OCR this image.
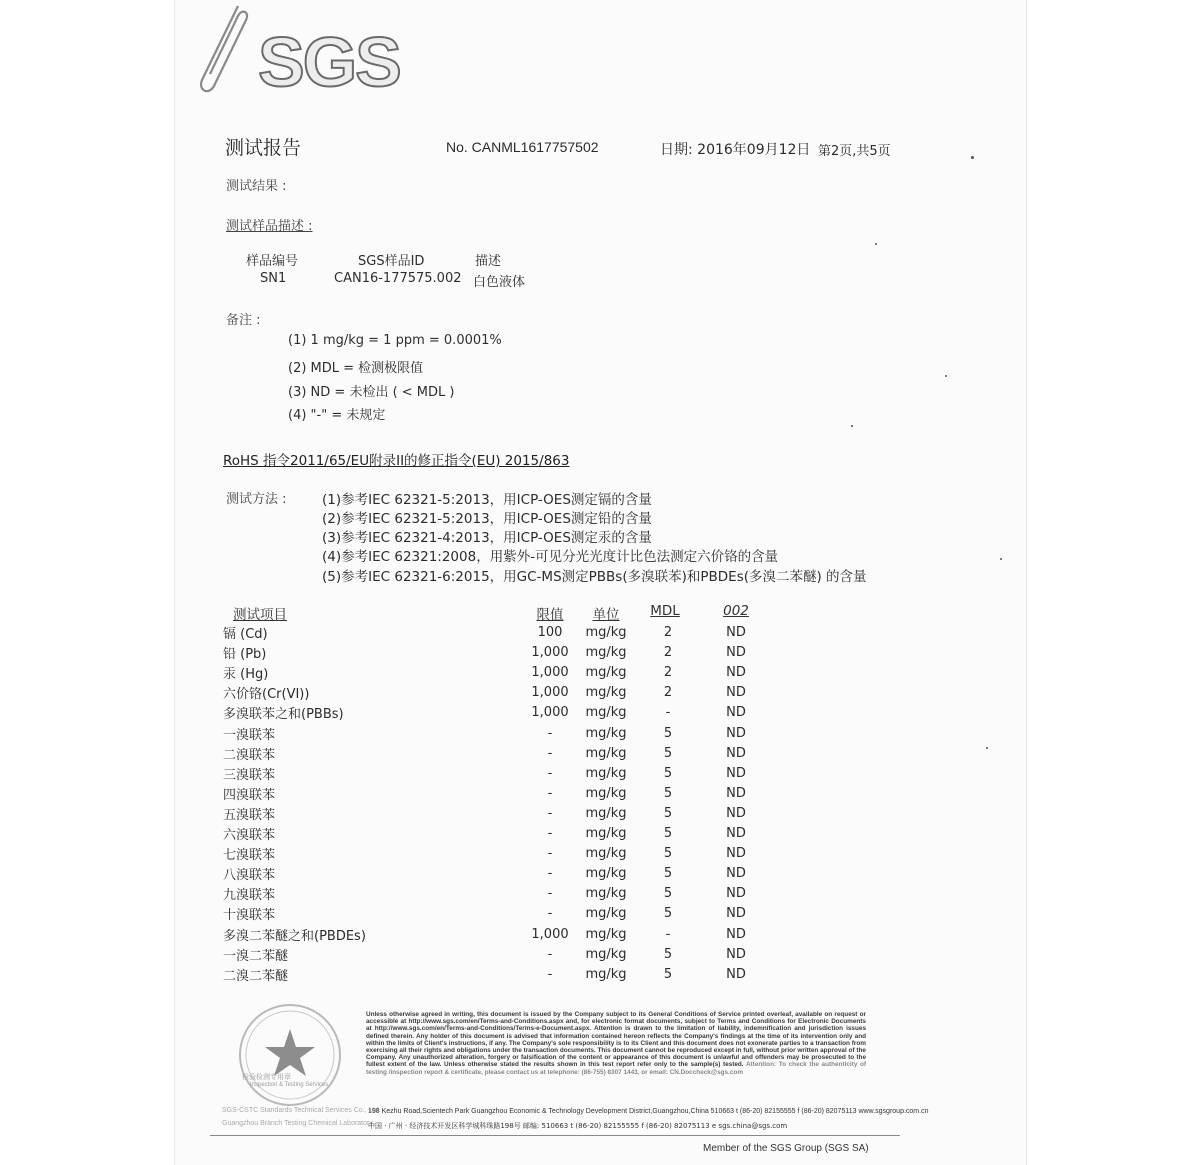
SGS
测试报告	No. CANML1617757502	日期: 2016年09月12日 第2页,共5页
测试结果 :
测试样品描述 :
样品编号	SGS样品ID	描述
SN1	CAN16-177575.002 白色液体
备注 :
(1) 1 mg/kg = 1 ppm = 0.0001%
(2) MDL = 检测极限值
(3) ND = 未检出 ( < MDL )
(4) "-" = 未规定
RoHS 指令2011/65/EU附录II的修正指令(EU) 2015/863
测试方法 :	(1)参考IEC 62321-5:2013，用ICP-OES测定镉的含量
(2)参考IEC 62321-5:2013，用ICP-OES测定铅的含量
(3)参考IEC 62321-4:2013，用ICP-OES测定汞的含量
(4)参考IEC 62321:2008，用紫外-可见分光光度计比色法测定六价铬的含量
(5)参考IEC 62321-6:2015，用GC-MS测定PBBs(多溴联苯)和PBDEs(多溴二苯醚) 的含量
测试项目	限值	单位	MDL	002
镉 (Cd)	100	mg/kg	2	ND
铅 (Pb)	1,000	mg/kg	2	ND
汞 (Hg)	1,000	mg/kg	2	ND
六价铬(Cr(VI))	1,000	mg/kg	2	ND
多溴联苯之和(PBBs)	1,000	mg/kg	-	ND
一溴联苯	-	mg/kg	5	ND
二溴联苯	-	mg/kg	5	ND
三溴联苯	-	mg/kg	5	ND
四溴联苯	-	mg/kg	5	ND
五溴联苯	-	mg/kg	5	ND
六溴联苯	-	mg/kg	5	ND
七溴联苯	-	mg/kg	5	ND
八溴联苯	-	mg/kg	5	ND
九溴联苯	-	mg/kg	5	ND
十溴联苯	-	mg/kg	5	ND
多溴二苯醚之和(PBDEs)	1,000	mg/kg	-	ND
一溴二苯醚	-	mg/kg	5	ND
二溴二苯醚	-	mg/kg	5	ND
检验检测专用章
Inspection & Testing Services
SGS-CSTC Standards Technical Services Co., Ltd.
Guangzhou Branch Testing Chemical Laboratory
Unless otherwise agreed in writing, this document is issued by the Company subject to its General Conditions of Service printed overleaf, available on request or accessible at http://www.sgs.com/en/Terms-and-Conditions.aspx and, for electronic format documents, subject to Terms and Conditions for Electronic Documents at http://www.sgs.com/en/Terms-and-Conditions/Terms-e-Document.aspx. Attention is drawn to the limitation of liability, indemnification and jurisdiction issues defined therein. Any holder of this document is advised that information contained hereon reflects the Company's findings at the time of its intervention only and within the limits of Client's instructions, if any. The Company's sole responsibility is to its Client and this document does not exonerate parties to a transaction from exercising all their rights and obligations under the transaction documents. This document cannot be reproduced except in full, without prior written approval of the Company. Any unauthorized alteration, forgery or falsification of the content or appearance of this document is unlawful and offenders may be prosecuted to the fullest extent of the law. Unless otherwise stated the results shown in this test report refer only to the sample(s) tested. Attention: To check the authenticity of testing /inspection report & certificate, please contact us at telephone: (86-755) 8307 1443, or email: CN.Doccheck@sgs.com
198 Kezhu Road,Scientech Park Guangzhou Economic & Technology Development District,Guangzhou,China 510663 t (86-20) 82155555 f (86-20) 82075113 www.sgsgroup.com.cn
中国 · 广州 · 经济技术开发区科学城科珠路198号 邮编: 510663 t (86-20) 82155555 f (86-20) 82075113 e sgs.china@sgs.com
Member of the SGS Group (SGS SA)
